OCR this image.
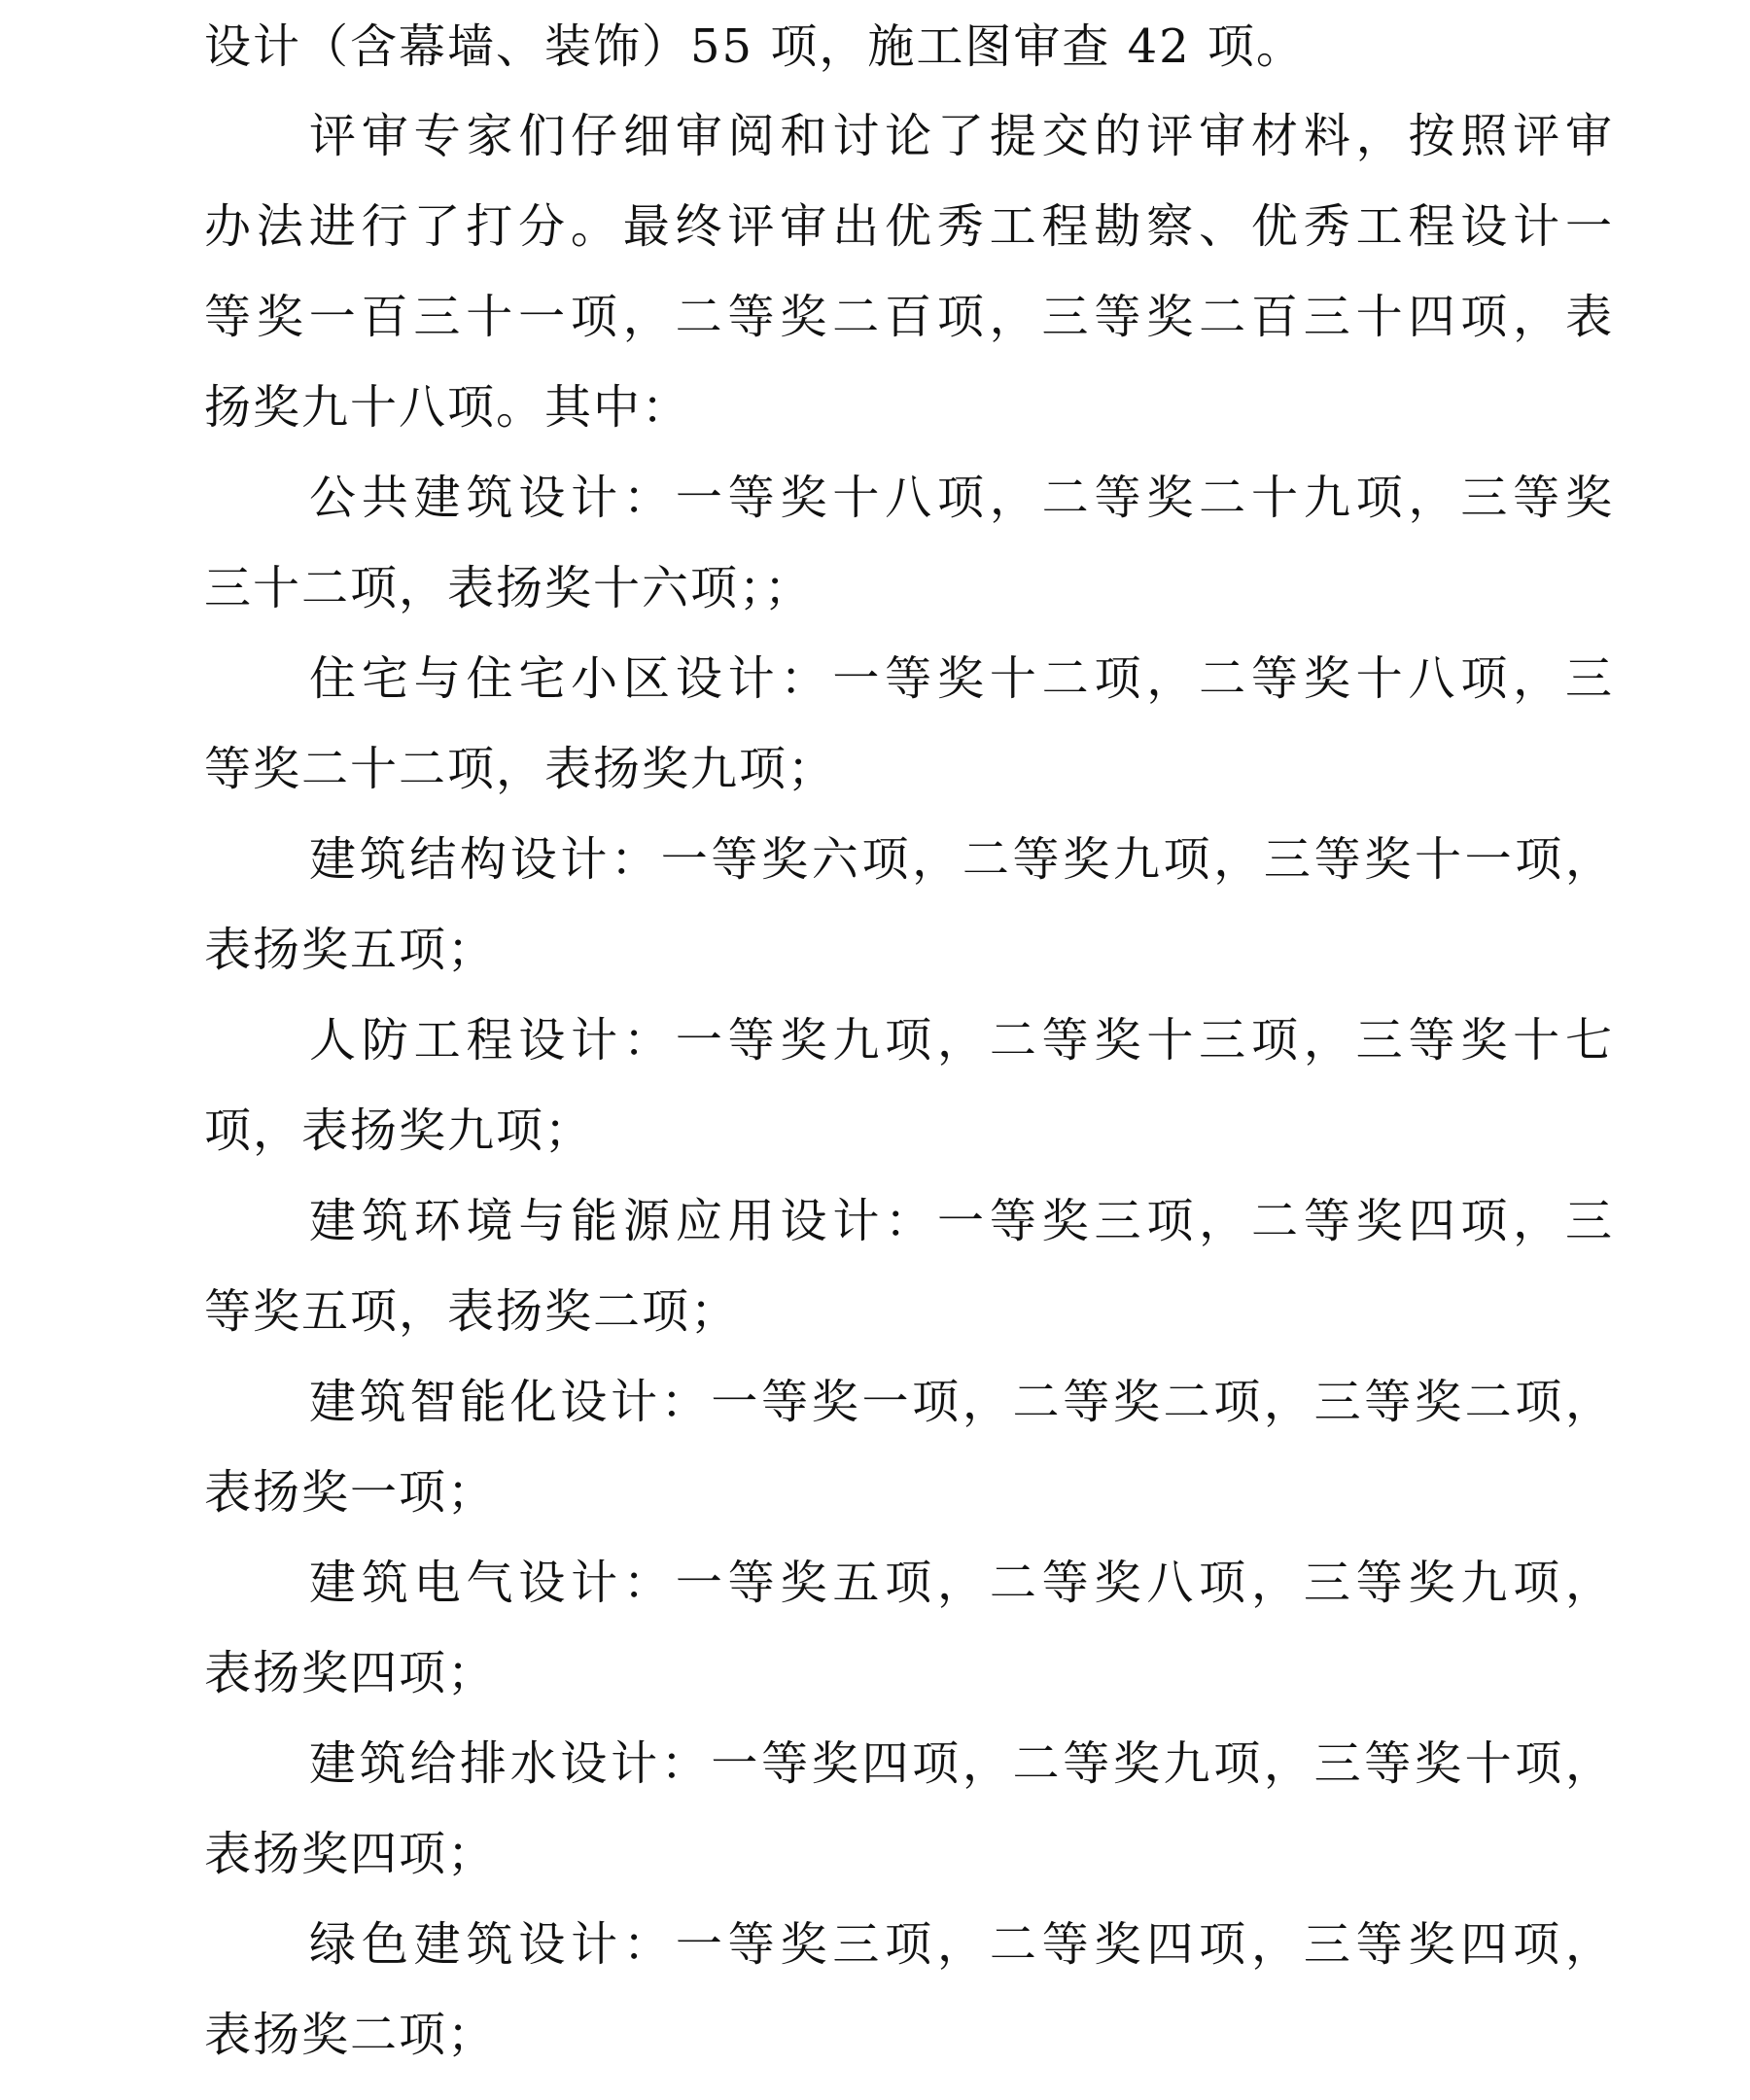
设计（含幕墙、装饰）55 项，施工图审查 42 项。
评审专家们仔细审阅和讨论了提交的评审材料，按照评审
办法进行了打分。最终评审出优秀工程勘察、优秀工程设计一
等奖一百三十一项，二等奖二百项，三等奖二百三十四项，表
扬奖九十八项。其中：
公共建筑设计：一等奖十八项，二等奖二十九项，三等奖
三十二项，表扬奖十六项；；
住宅与住宅小区设计：一等奖十二项，二等奖十八项，三
等奖二十二项，表扬奖九项；
建筑结构设计：一等奖六项，二等奖九项，三等奖十一项，
表扬奖五项；
人防工程设计：一等奖九项，二等奖十三项，三等奖十七
项，表扬奖九项；
建筑环境与能源应用设计：一等奖三项，二等奖四项，三
等奖五项，表扬奖二项；
建筑智能化设计：一等奖一项，二等奖二项，三等奖二项，
表扬奖一项；
建筑电气设计：一等奖五项，二等奖八项，三等奖九项，
表扬奖四项；
建筑给排水设计：一等奖四项，二等奖九项，三等奖十项，
表扬奖四项；
绿色建筑设计：一等奖三项，二等奖四项，三等奖四项，
表扬奖二项；
